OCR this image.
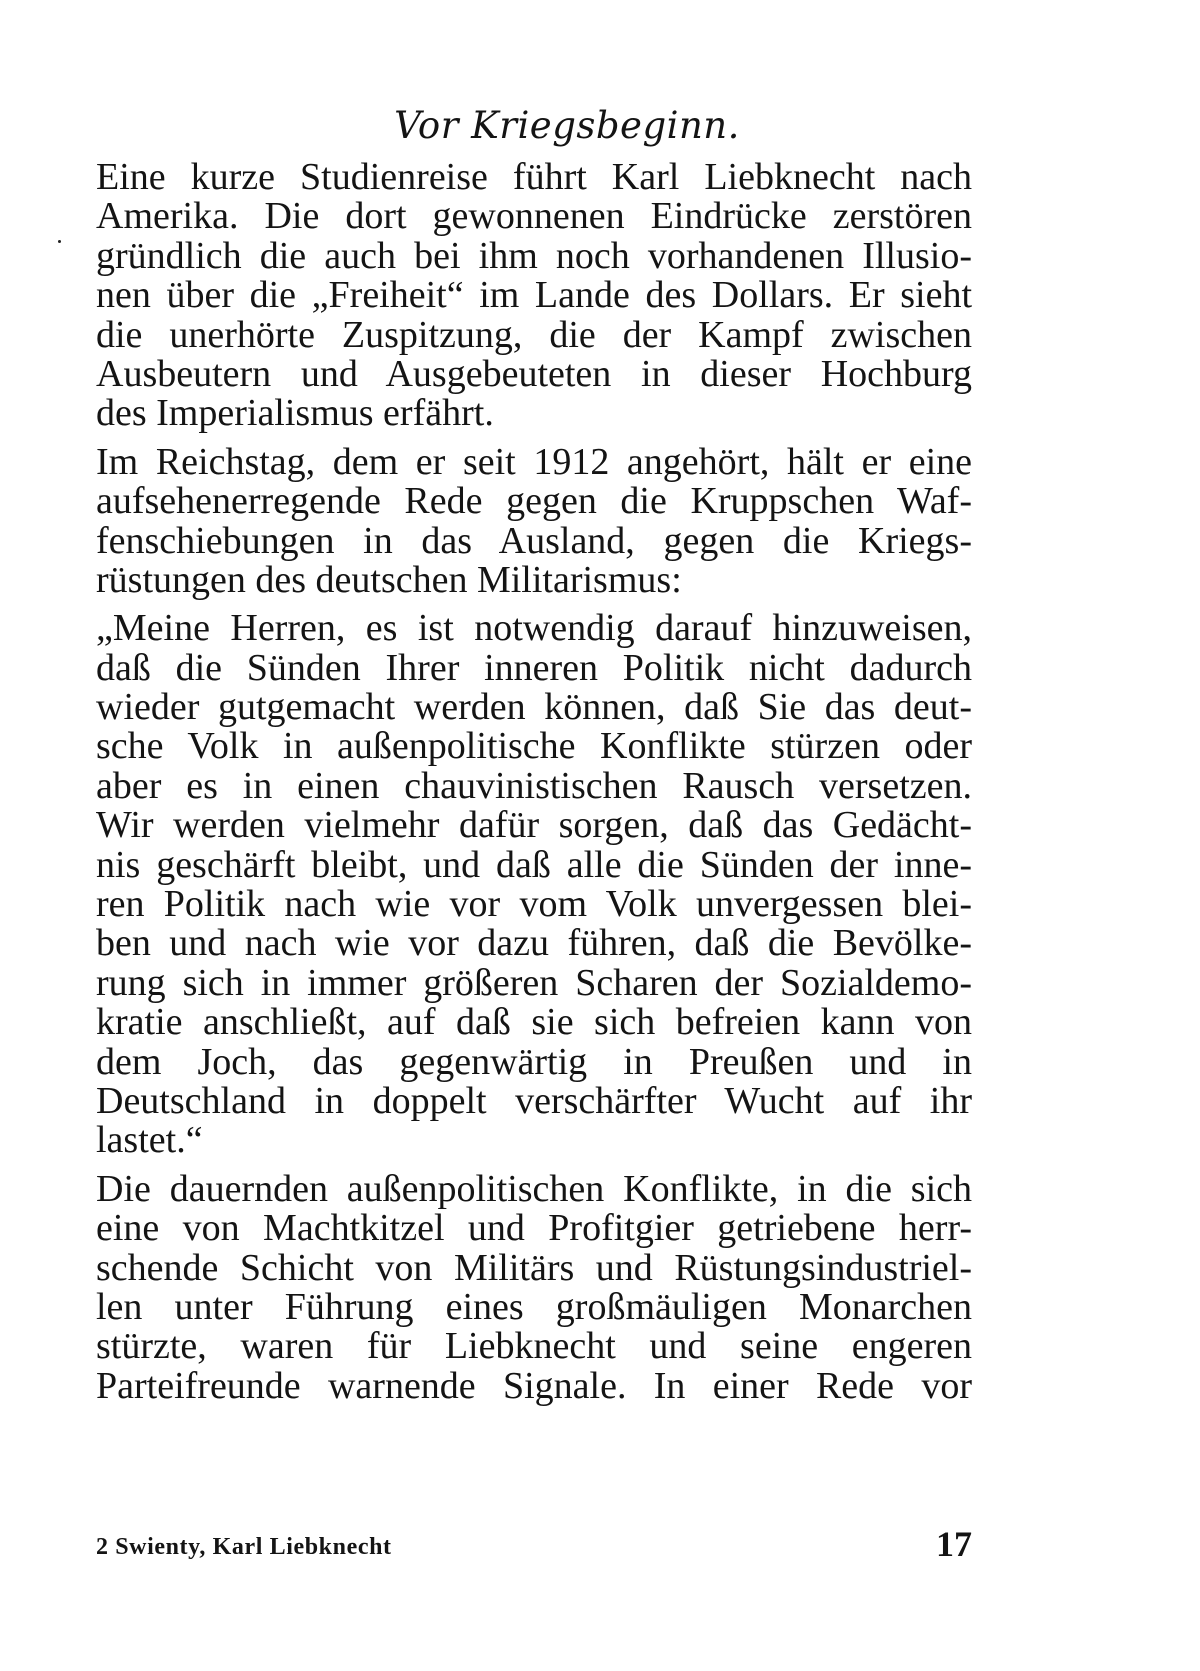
Vor Kriegsbeginn.
Eine kurze Studienreise führt Karl Liebknecht nach
Amerika. Die dort gewonnenen Eindrücke zerstören
gründlich die auch bei ihm noch vorhandenen Illusio-
nen über die „Freiheit“ im Lande des Dollars. Er sieht
die unerhörte Zuspitzung, die der Kampf zwischen
Ausbeutern und Ausgebeuteten in dieser Hochburg
des Imperialismus erfährt.
Im Reichstag, dem er seit 1912 angehört, hält er eine
aufsehenerregende Rede gegen die Kruppschen Waf-
fenschiebungen in das Ausland, gegen die Kriegs-
rüstungen des deutschen Militarismus:
„Meine Herren, es ist notwendig darauf hinzuweisen,
daß die Sünden Ihrer inneren Politik nicht dadurch
wieder gutgemacht werden können, daß Sie das deut-
sche Volk in außenpolitische Konflikte stürzen oder
aber es in einen chauvinistischen Rausch versetzen.
Wir werden vielmehr dafür sorgen, daß das Gedächt-
nis geschärft bleibt, und daß alle die Sünden der inne-
ren Politik nach wie vor vom Volk unvergessen blei-
ben und nach wie vor dazu führen, daß die Bevölke-
rung sich in immer größeren Scharen der Sozialdemo-
kratie anschließt, auf daß sie sich befreien kann von
dem Joch, das gegenwärtig in Preußen und in
Deutschland in doppelt verschärfter Wucht auf ihr
lastet.“
Die dauernden außenpolitischen Konflikte, in die sich
eine von Machtkitzel und Profitgier getriebene herr-
schende Schicht von Militärs und Rüstungsindustriel-
len unter Führung eines großmäuligen Monarchen
stürzte, waren für Liebknecht und seine engeren
Parteifreunde warnende Signale. In einer Rede vor
2 Swienty, Karl Liebknecht	17
